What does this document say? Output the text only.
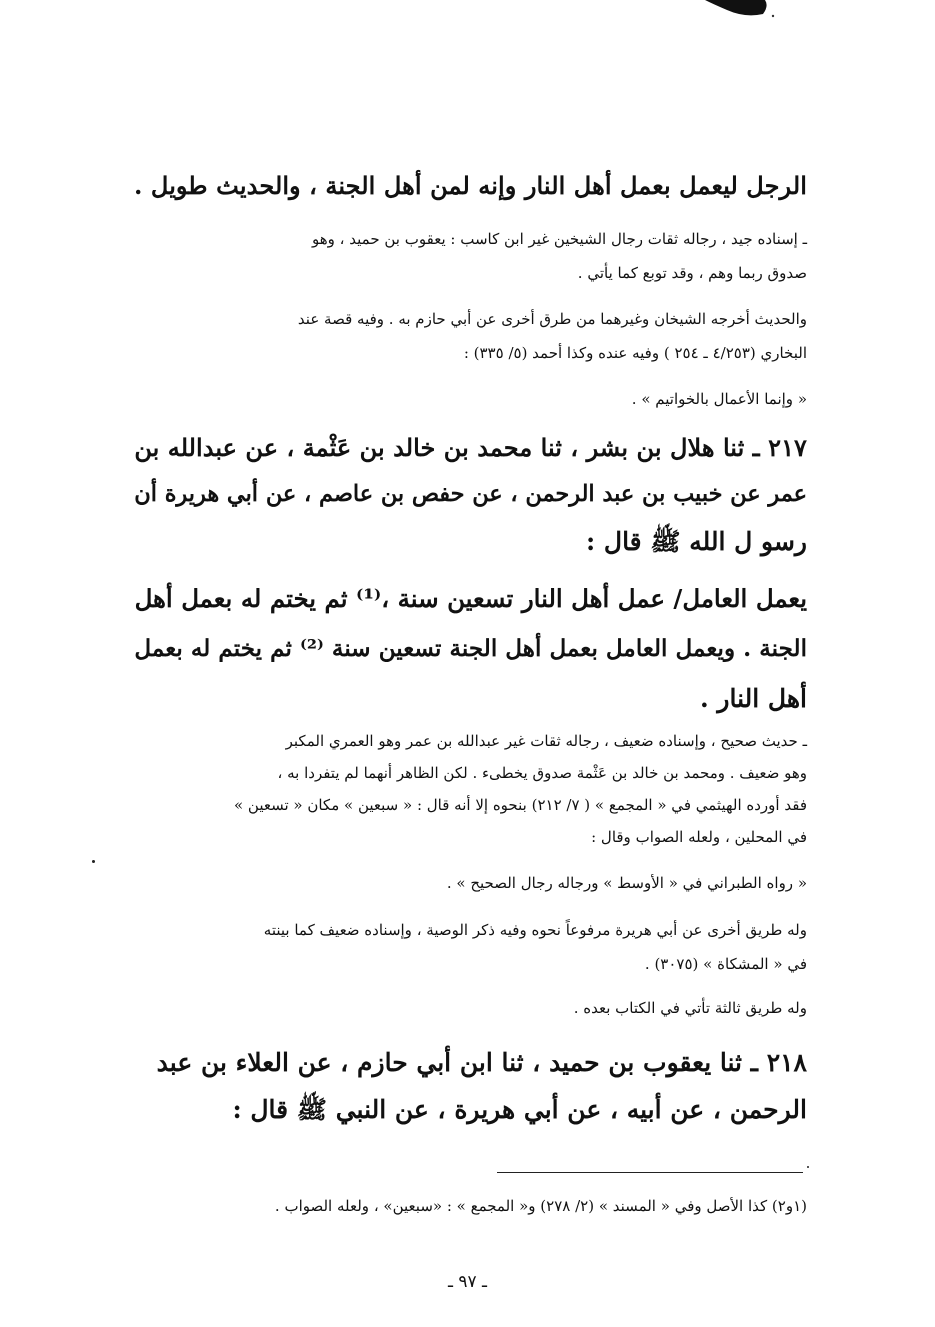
الرجل ليعمل بعمل أهل النار وإنه لمن أهل الجنة ، والحديث طويل .
ـ إسناده جيد ، رجاله ثقات رجال الشيخين غير ابن كاسب : يعقوب بن حميد ، وهو
صدوق ربما وهم ، وقد توبع كما يأتي .
والحديث أخرجه الشيخان وغيرهما من طرق أخرى عن أبي حازم به . وفيه قصة عند
البخاري (٤/٢٥٣ ـ ٢٥٤ ) وفيه عنده وكذا أحمد (٥/ ٣٣٥) :
« وإنما الأعمال بالخواتيم » .
٢١٧ ـ ثنا هلال بن بشر ، ثنا محمد بن خالد بن عَثْمة ، عن عبدالله بن
عمر عن خبيب بن عبد الرحمن ، عن حفص بن عاصم ، عن أبي هريرة أن
رسو ل الله ﷺ قال :
يعمل العامل/ عمل أهل النار تسعين سنة ،⁽¹⁾ ثم يختم له بعمل أهل
الجنة . ويعمل العامل بعمل أهل الجنة تسعين سنة ⁽²⁾ ثم يختم له بعمل
أهل النار .
ـ حديث صحيح ، وإسناده ضعيف ، رجاله ثقات غير عبدالله بن عمر وهو العمري المكبر
وهو ضعيف . ومحمد بن خالد بن عَثْمة صدوق يخطىء . لكن الظاهر أنهما لم يتفردا به ،
فقد أورده الهيثمي في « المجمع » ( ٧/ ٢١٢) بنحوه إلا أنه قال : « سبعين » مكان « تسعين »
في المحلين ، ولعله الصواب وقال :
« رواه الطبراني في « الأوسط » ورجاله رجال الصحيح » .
وله طريق أخرى عن أبي هريرة مرفوعاً نحوه وفيه ذكر الوصية ، وإسناده ضعيف كما بينته
في « المشكاة » (٣٠٧٥) .
وله طريق ثالثة تأتي في الكتاب بعده .
٢١٨ ـ ثنا يعقوب بن حميد ، ثنا ابن أبي حازم ، عن العلاء بن عبد
الرحمن ، عن أبيه ، عن أبي هريرة ، عن النبي ﷺ قال :
(١و٢) كذا الأصل وفي « المسند » (٢/ ٢٧٨) و« المجمع » : «سبعين» ، ولعله الصواب .
ـ ٩٧ ـ
